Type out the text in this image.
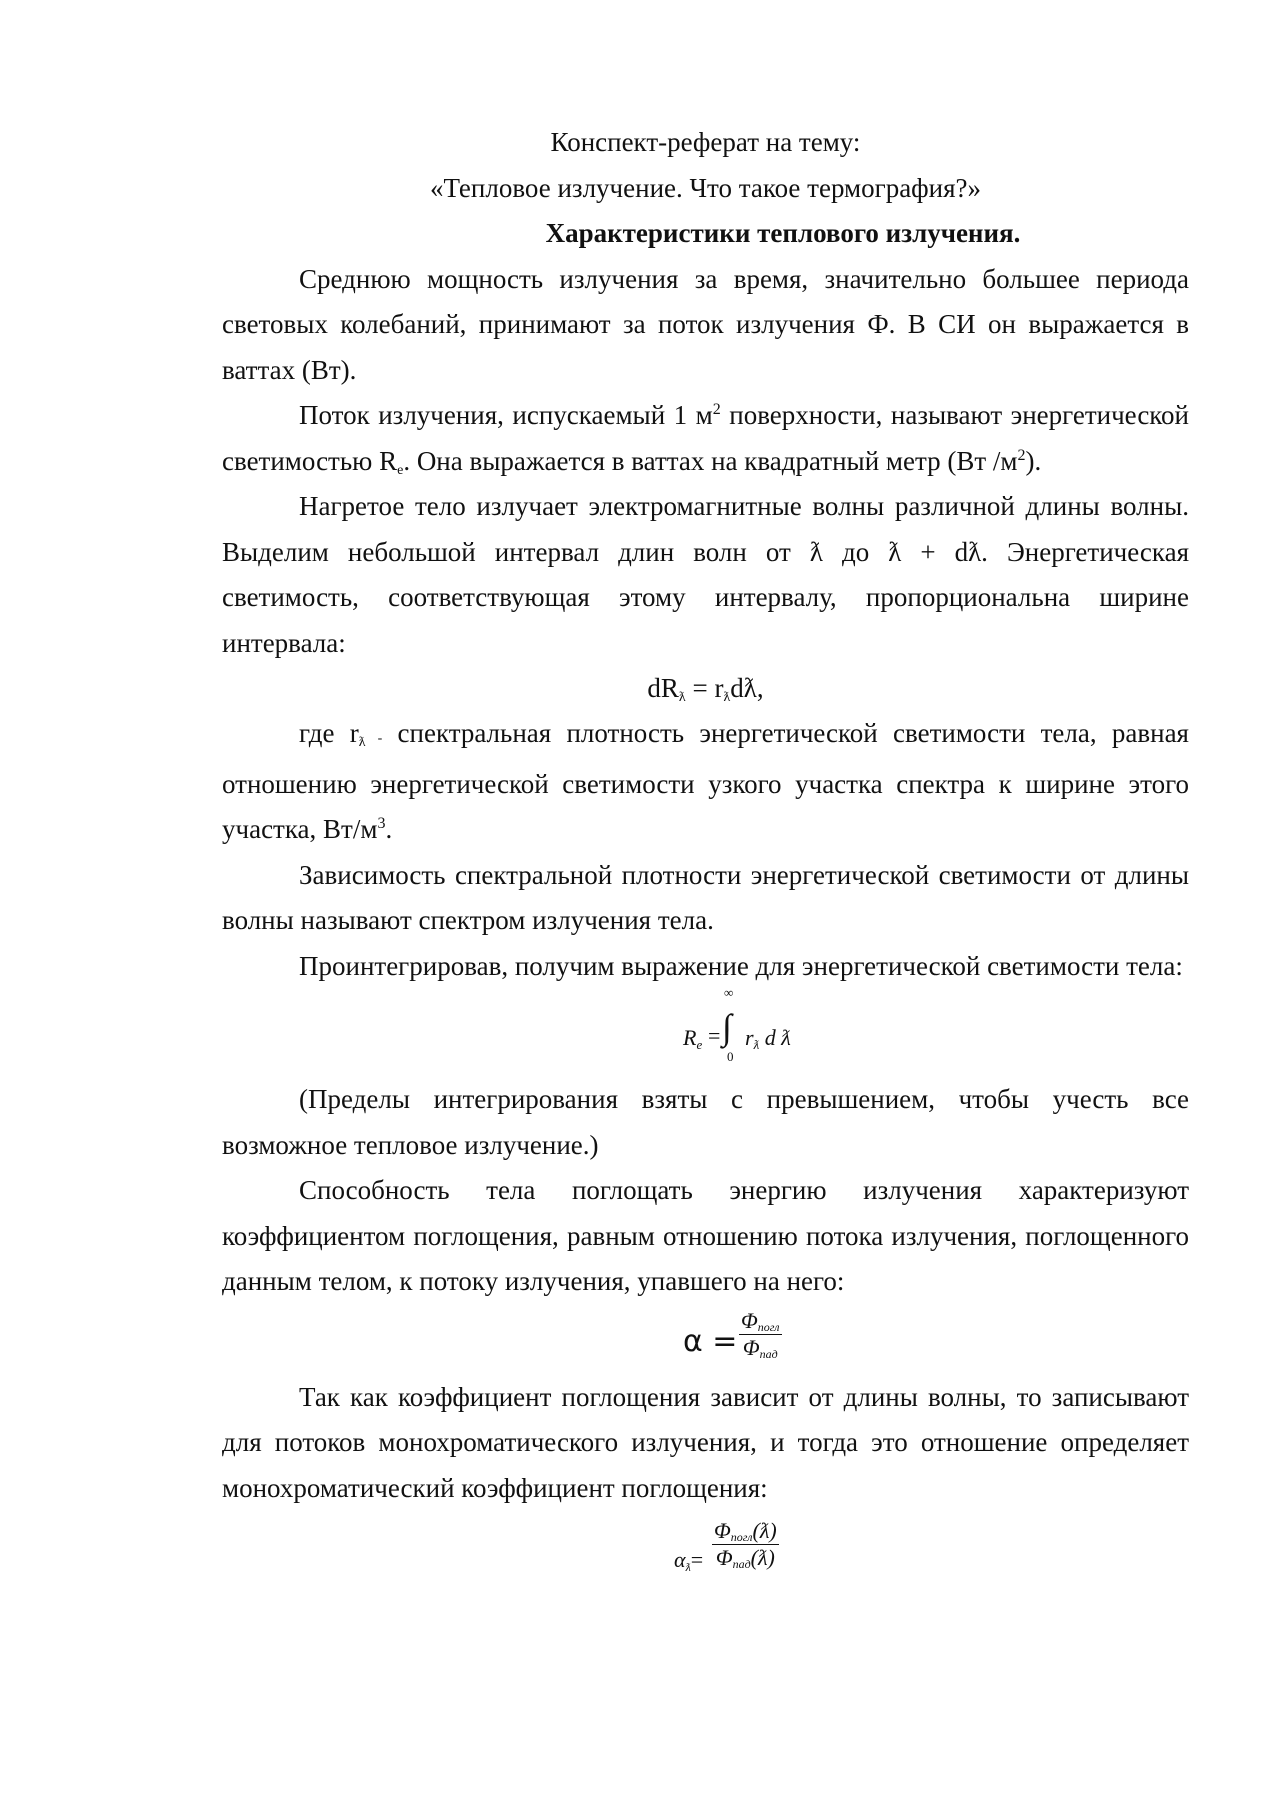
Конспект-реферат на тему:

«Тепловое излучение. Что такое термография?»

Характеристики теплового излучения.

Среднюю мощность излучения за время, значительно большее периода световых колебаний, принимают за поток излучения Ф. В СИ он выражается в ваттах (Вт).

Поток излучения, испускаемый 1 $м^2$ поверхности, называют энергетической светимостью $R_e$. Она выражается в ваттах на квадратный метр (Вт $/м^2$).

Нагретое тело излучает электромагнитные волны различной длины волны. Выделим небольшой интервал длин волн от ƛ до ƛ + dƛ. Энергетическая светимость, соответствующая этому интервалу, пропорциональна ширине интервала:

$dR_ƛ$ = $r_ƛdƛ$,

где $r_ƛ$ - спектральная плотность энергетической светимости тела, равная отношению энергетической светимости узкого участка спектра к ширине этого участка, $Вт/м^3$.

Зависимость спектральной плотности энергетической светимости от длины волны называют спектром излучения тела.

Проинтегрировав, получим выражение для энергетической светимости тела:

$R_e$ =
∞
∫
0
$r_ƛ$ d ƛ

(Пределы интегрирования взяты с превышением, чтобы учесть все возможное тепловое излучение.)

Способность тела поглощать энергию излучения характеризуют коэффициентом поглощения, равным отношению потока излучения, поглощенного данным телом, к потоку излучения, упавшего на него:

α =
$\Phi_{погл}$
$\Phi_{пад}$

Так как коэффициент поглощения зависит от длины волны, то записывают для потоков монохроматического излучения, и тогда это отношение определяет монохроматический коэффициент поглощения:

$\alpha_ƛ=$
$\Phi_{погл}(ƛ)$
$\Phi_{пад}(ƛ)$
